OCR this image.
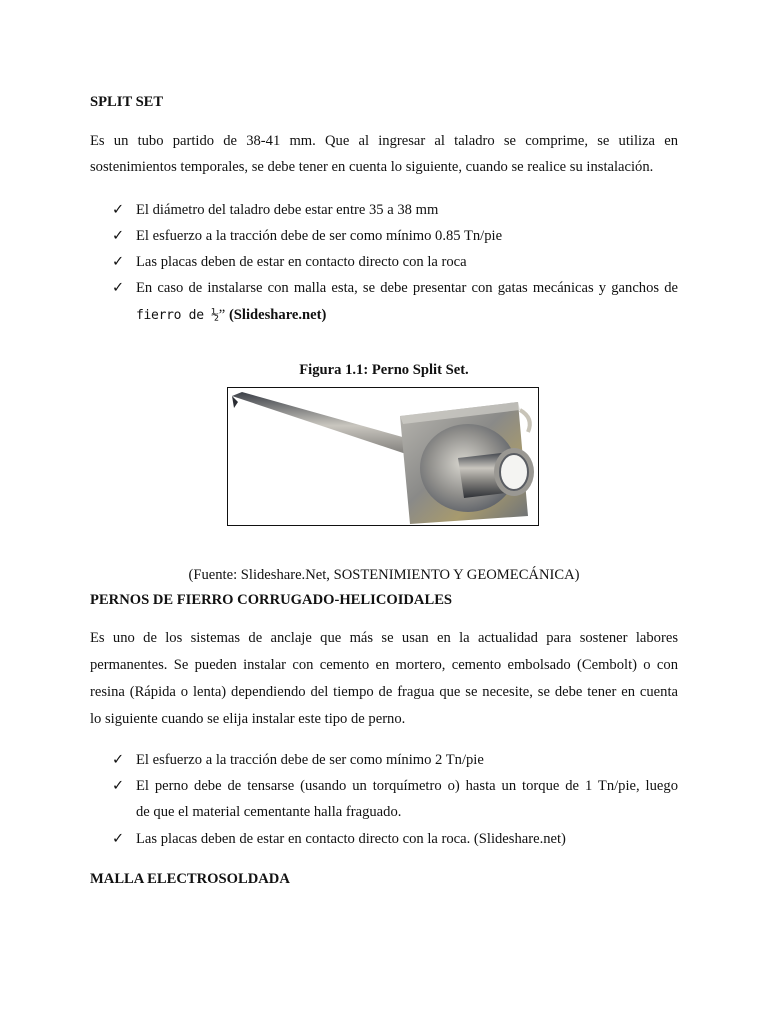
SPLIT SET

Es un tubo partido de 38-41 mm. Que al ingresar al taladro se comprime, se utiliza en

sostenimientos temporales, se debe tener en cuenta lo siguiente, cuando se realice su instalación.

✓ El diámetro del taladro debe estar entre 35 a 38 mm
✓ El esfuerzo a la tracción debe de ser como mínimo 0.85 Tn/pie
✓ Las placas deben de estar en contacto directo con la roca
✓ En caso de instalarse con malla esta, se debe presentar con gatas mecánicas y ganchos de
fierro de ½” (Slideshare.net)

Figura 1.1: Perno Split Set.

(Fuente: Slideshare.Net, SOSTENIMIENTO Y GEOMECÁNICA)

PERNOS DE FIERRO CORRUGADO-HELICOIDALES

Es uno de los sistemas de anclaje que más se usan en la actualidad para sostener labores

permanentes. Se pueden instalar con cemento en mortero, cemento embolsado (Cembolt) o con

resina (Rápida o lenta) dependiendo del tiempo de fragua que se necesite, se debe tener en cuenta

lo siguiente cuando se elija instalar este tipo de perno.

✓ El esfuerzo a la tracción debe de ser como mínimo 2 Tn/pie
✓ El perno debe de tensarse (usando un torquímetro o) hasta un torque de 1 Tn/pie, luego
de que el material cementante halla fraguado.
✓ Las placas deben de estar en contacto directo con la roca. (Slideshare.net)

MALLA ELECTROSOLDADA
